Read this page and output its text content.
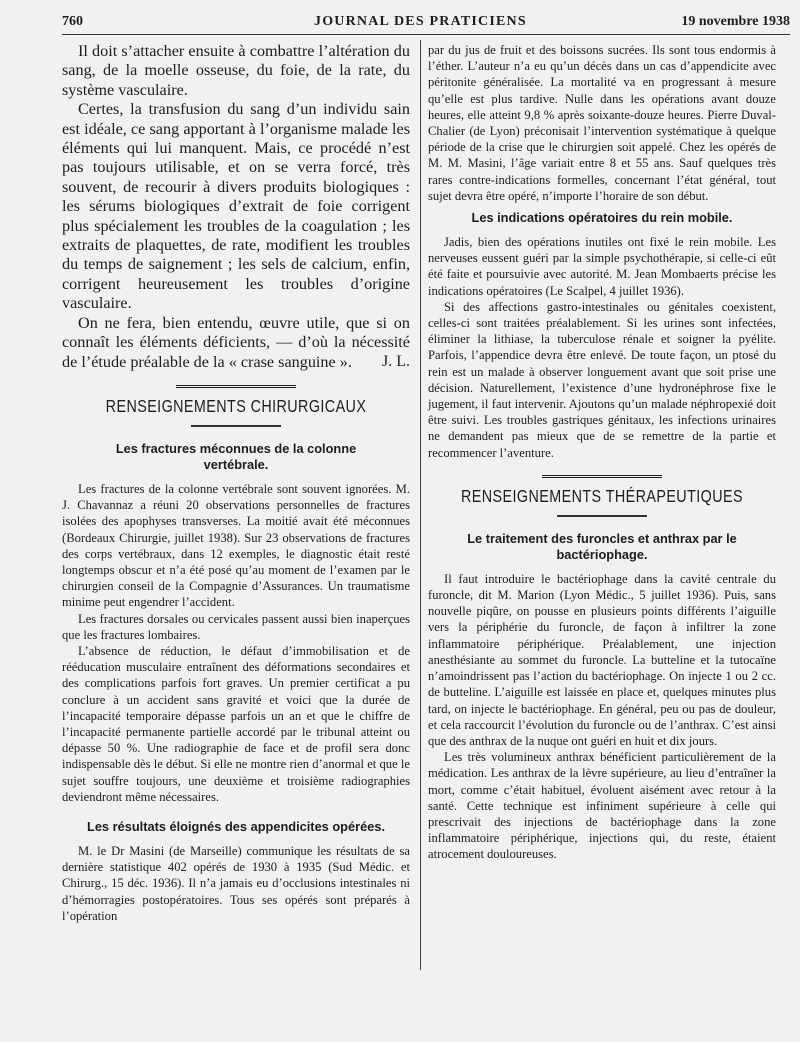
760	JOURNAL DES PRATICIENS	19 novembre 1938

Il doit s’attacher ensuite à combattre l’altération du sang, de la moelle osseuse, du foie, de la rate, du système vasculaire.

Certes, la transfusion du sang d’un individu sain est idéale, ce sang apportant à l’organisme malade les éléments qui lui manquent. Mais, ce procédé n’est pas toujours utilisable, et on se verra forcé, très souvent, de recourir à divers produits biologiques : les sérums biologiques d’extrait de foie corrigent plus spécialement les troubles de la coagulation ; les extraits de plaquettes, de rate, modifient les troubles du temps de saignement ; les sels de calcium, enfin, corrigent heureusement les troubles d’origine vasculaire.

On ne fera, bien entendu, œuvre utile, que si on connaît les éléments déficients, — d’où la nécessité de l’étude préalable de la « crase sanguine ».	J. L.
RENSEIGNEMENTS CHIRURGICAUX
Les fractures méconnues de la colonne vertébrale.

Les fractures de la colonne vertébrale sont souvent ignorées. M. J. Chavannaz a réuni 20 observations personnelles de fractures isolées des apophyses transverses. La moitié avait été méconnues (Bordeaux Chirurgie, juillet 1938). Sur 23 observations de fractures des corps vertébraux, dans 12 exemples, le diagnostic était resté longtemps obscur et n’a été posé qu’au moment de l’examen par le chirurgien conseil de la Compagnie d’Assurances. Un traumatisme minime peut engendrer l’accident.

Les fractures dorsales ou cervicales passent aussi bien inaperçues que les fractures lombaires.

L’absence de réduction, le défaut d’immobilisation et de rééducation musculaire entraînent des déformations secondaires et des complications parfois fort graves. Un premier certificat a pu conclure à un accident sans gravité et voici que la durée de l’incapacité temporaire dépasse parfois un an et que le chiffre de l’incapacité permanente partielle accordé par le tribunal atteint ou dépasse 50 %. Une radiographie de face et de profil sera donc indispensable dès le début. Si elle ne montre rien d’anormal et que le sujet souffre toujours, une deuxième et troisième radiographies deviendront même nécessaires.

Les résultats éloignés des appendicites opérées.

M. le Dr Masini (de Marseille) communique les résultats de sa dernière statistique 402 opérés de 1930 à 1935 (Sud Médic. et Chirurg., 15 déc. 1936). Il n’a jamais eu d’occlusions intestinales ni d’hémorragies postopératoires. Tous ses opérés sont préparés à l’opération

par du jus de fruit et des boissons sucrées. Ils sont tous endormis à l’éther. L’auteur n’a eu qu’un décès dans un cas d’appendicite avec péritonite généralisée. La mortalité va en progressant à mesure qu’elle est plus tardive. Nulle dans les opérations avant douze heures, elle atteint 9,8 % après soixante-douze heures. Pierre Duval-Chalier (de Lyon) préconisait l’intervention systématique à quelque période de la crise que le chirurgien soit appelé. Chez les opérés de M. M. Masini, l’âge variait entre 8 et 55 ans. Sauf quelques très rares contre-indications formelles, concernant l’état général, tout sujet devra être opéré, n’importe l’horaire de son début.

Les indications opératoires du rein mobile.

Jadis, bien des opérations inutiles ont fixé le rein mobile. Les nerveuses eussent guéri par la simple psychothérapie, si celle-ci eût été faite et poursuivie avec autorité. M. Jean Mombaerts précise les indications opératoires (Le Scalpel, 4 juillet 1936).

Si des affections gastro-intestinales ou génitales coexistent, celles-ci sont traitées préalablement. Si les urines sont infectées, éliminer la lithiase, la tuberculose rénale et soigner la pyélite. Parfois, l’appendice devra être enlevé. De toute façon, un ptosé du rein est un malade à observer longuement avant que soit prise une décision. Naturellement, l’existence d’une hydronéphrose fixe le jugement, il faut intervenir. Ajoutons qu’un malade néphropexié doit être suivi. Les troubles gastriques génitaux, les infections urinaires ne demandent pas mieux que de se remettre de la partie et recommencer l’aventure.

RENSEIGNEMENTS THÉRAPEUTIQUES
Le traitement des furoncles et anthrax par le bactériophage.

Il faut introduire le bactériophage dans la cavité centrale du furoncle, dit M. Marion (Lyon Médic., 5 juillet 1936). Puis, sans nouvelle piqûre, on pousse en plusieurs points différents l’aiguille vers la périphérie du furoncle, de façon à infiltrer la zone inflammatoire périphérique. Préalablement, une injection anesthésiante au sommet du furoncle. La butteline et la tutocaïne n’amoindrissent pas l’action du bactériophage. On injecte 1 ou 2 cc. de butteline. L’aiguille est laissée en place et, quelques minutes plus tard, on injecte le bactériophage. En général, peu ou pas de douleur, et cela raccourcit l’évolution du furoncle ou de l’anthrax. C’est ainsi que des anthrax de la nuque ont guéri en huit et dix jours.

Les très volumineux anthrax bénéficient particulièrement de la médication. Les anthrax de la lèvre supérieure, au lieu d’entraîner la mort, comme c’était habituel, évoluent aisément avec retour à la santé. Cette technique est infiniment supérieure à celle qui prescrivait des injections de bactériophage dans la zone inflammatoire périphérique, injections qui, du reste, étaient atrocement douloureuses.
